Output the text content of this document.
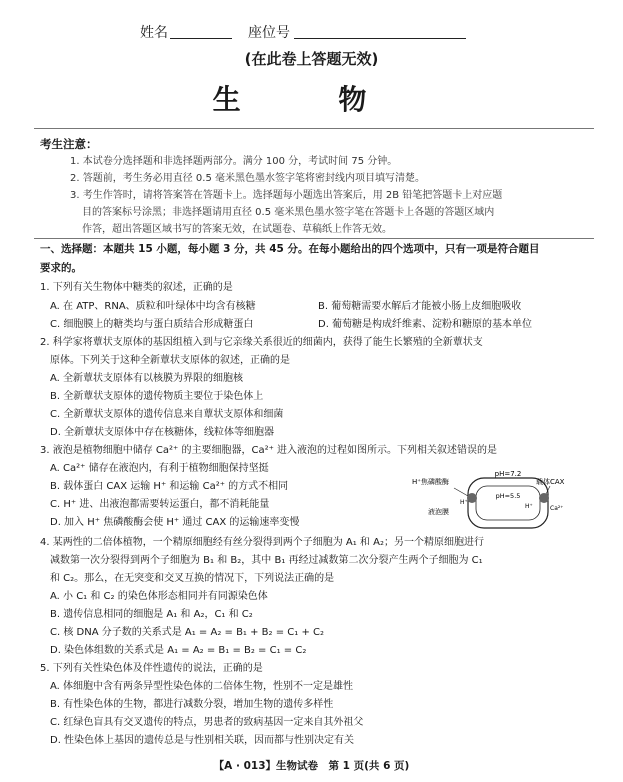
姓名	座位号
(在此卷上答题无效)
生 物
考生注意：
1. 本试卷分选择题和非选择题两部分。满分 100 分，考试时间 75 分钟。
2. 答题前，考生务必用直径 0.5 毫米黑色墨水签字笔将密封线内项目填写清楚。
3. 考生作答时，请将答案答在答题卡上。选择题每小题选出答案后，用 2B 铅笔把答题卡上对应题
目的答案标号涂黑；非选择题请用直径 0.5 毫米黑色墨水签字笔在答题卡上各题的答题区域内
作答，超出答题区域书写的答案无效，在试题卷、草稿纸上作答无效。
一、选择题：本题共 15 小题，每小题 3 分，共 45 分。在每小题给出的四个选项中，只有一项是符合题目
要求的。
1. 下列有关生物体中糖类的叙述，正确的是
A. 在 ATP、RNA、质粒和叶绿体中均含有核糖	B. 葡萄糖需要水解后才能被小肠上皮细胞吸收
C. 细胞膜上的糖类均与蛋白质结合形成糖蛋白	D. 葡萄糖是构成纤维素、淀粉和糖原的基本单位
2. 科学家将蕈状支原体的基因组植入到与它亲缘关系很近的细菌内，获得了能生长繁殖的全新蕈状支
原体。下列关于这种全新蕈状支原体的叙述，正确的是
A. 全新蕈状支原体有以核膜为界限的细胞核
B. 全新蕈状支原体的遗传物质主要位于染色体上
C. 全新蕈状支原体的遗传信息来自蕈状支原体和细菌
D. 全新蕈状支原体中存在核糖体，线粒体等细胞器
3. 液泡是植物细胞中储存 Ca²⁺ 的主要细胞器，Ca²⁺ 进入液泡的过程如图所示。下列相关叙述错误的是
A. Ca²⁺ 储存在液泡内，有利于植物细胞保持坚挺
B. 载体蛋白 CAX 运输 H⁺ 和运输 Ca²⁺ 的方式不相同
C. H⁺ 进、出液泡都需要转运蛋白，都不消耗能量
D. 加入 H⁺ 焦磷酸酶会使 H⁺ 通过 CAX 的运输速率变慢
pH=7.2
pH=5.5
H⁺焦磷酸酶	载体CAX
液泡膜
H⁺
H⁺	Ca²⁺
4. 某两性的二倍体植物，一个精原细胞经有丝分裂得到两个子细胞为 A₁ 和 A₂；另一个精原细胞进行
减数第一次分裂得到两个子细胞为 B₁ 和 B₂，其中 B₁ 再经过减数第二次分裂产生两个子细胞为 C₁
和 C₂。那么，在无突变和交叉互换的情况下，下列说法正确的是
A. 小 C₁ 和 C₂ 的染色体形态相同并有同源染色体
B. 遗传信息相同的细胞是 A₁ 和 A₂，C₁ 和 C₂
C. 核 DNA 分子数的关系式是 A₁ = A₂ = B₁ + B₂ = C₁ + C₂
D. 染色体组数的关系式是 A₁ = A₂ = B₁ = B₂ = C₁ = C₂
5. 下列有关性染色体及伴性遗传的说法，正确的是
A. 体细胞中含有两条异型性染色体的二倍体生物，性别不一定是雄性
B. 有性染色体的生物，都进行减数分裂，增加生物的遗传多样性
C. 红绿色盲具有交叉遗传的特点，男患者的致病基因一定来自其外祖父
D. 性染色体上基因的遗传总是与性别相关联，因而都与性别决定有关
【A · 013】生物试卷　第 1 页(共 6 页)
